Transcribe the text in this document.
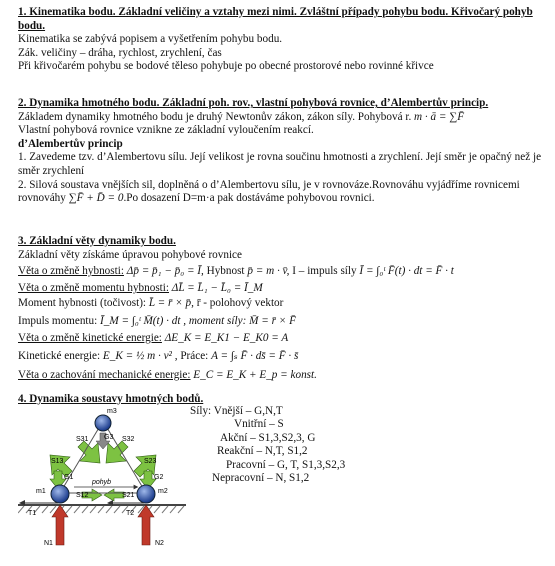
1. Kinematika bodu. Základní veličiny a vztahy mezi nimi. Zvláštní případy pohybu bodu. Křivočarý pohyb bodu.

Kinematika se zabývá popisem a vyšetřením pohybu bodu.

Zák. veličiny – dráha, rychlost, zrychlení, čas

Při křivočarém pohybu se bodové těleso pohybuje po obecné prostorové nebo rovinné křivce

2. Dynamika hmotného bodu. Základní poh. rov., vlastní pohybová rovnice, d’Alembertův princip.

Základem dynamiky hmotného bodu je druhý Newtonův zákon, zákon síly. Pohybová r. m · ā = ∑F̄

Vlastní pohybová rovnice vznikne ze základní vyloučením reakcí.

d’Alembertův princip

1. Zavedeme tzv. d’Alembertovu sílu. Její velikost je rovna součinu hmotnosti a zrychlení. Její směr je opačný než je směr zrychlení

2. Silová soustava vnějších sil, doplněná o d’Alembertovu sílu, je v rovnováze.Rovnováhu vyjádříme rovnicemi rovnováhy ∑F̄ + D̄ = 0.Po dosazení D=m·a pak dostáváme pohybovou rovnici.

3. Základní věty dynamiky bodu.

Základní věty získáme úpravou pohybové rovnice

Věta o změně hybnosti: Δp̄ = p̄₁ − p̄₀ = Ī, Hybnost p̄ = m · v̄, I – impuls síly Ī = ∫₀ᵗ F̄(t) · dt = F̄ · t

Věta o změně momentu hybnosti: ΔL̄ = L̄₁ − L̄₀ = Ī_M

Moment hybnosti (točivost): L̄ = r̄ × p̄, r̄ - polohový vektor

Impuls momentu: Ī_M = ∫₀ᵗ M̄(t) · dt , moment síly: M̄ = r̄ × F̄

Věta o změně kinetické energie: ΔE_K = E_K1 − E_K0 = A

Kinetické energie: E_K = ½ m · v² , Práce: A = ∫ₛ F̄ · ds̄ = F̄ · s̄

Věta o zachování mechanické energie: E_C = E_K + E_p = konst.

4. Dynamika soustavy hmotných bodů.

m3
G3
S31	S32
S13	S23
G1	G2
m1	m2
S12	S21
pohyb
T1	T2
N1	N2
Síly: Vnější – G,N,T
Vnitřní – S
Akční – S1,3,S2,3, G
Reakční – N,T, S1,2
Pracovní – G, T, S1,3,S2,3
Nepracovní – N, S1,2
